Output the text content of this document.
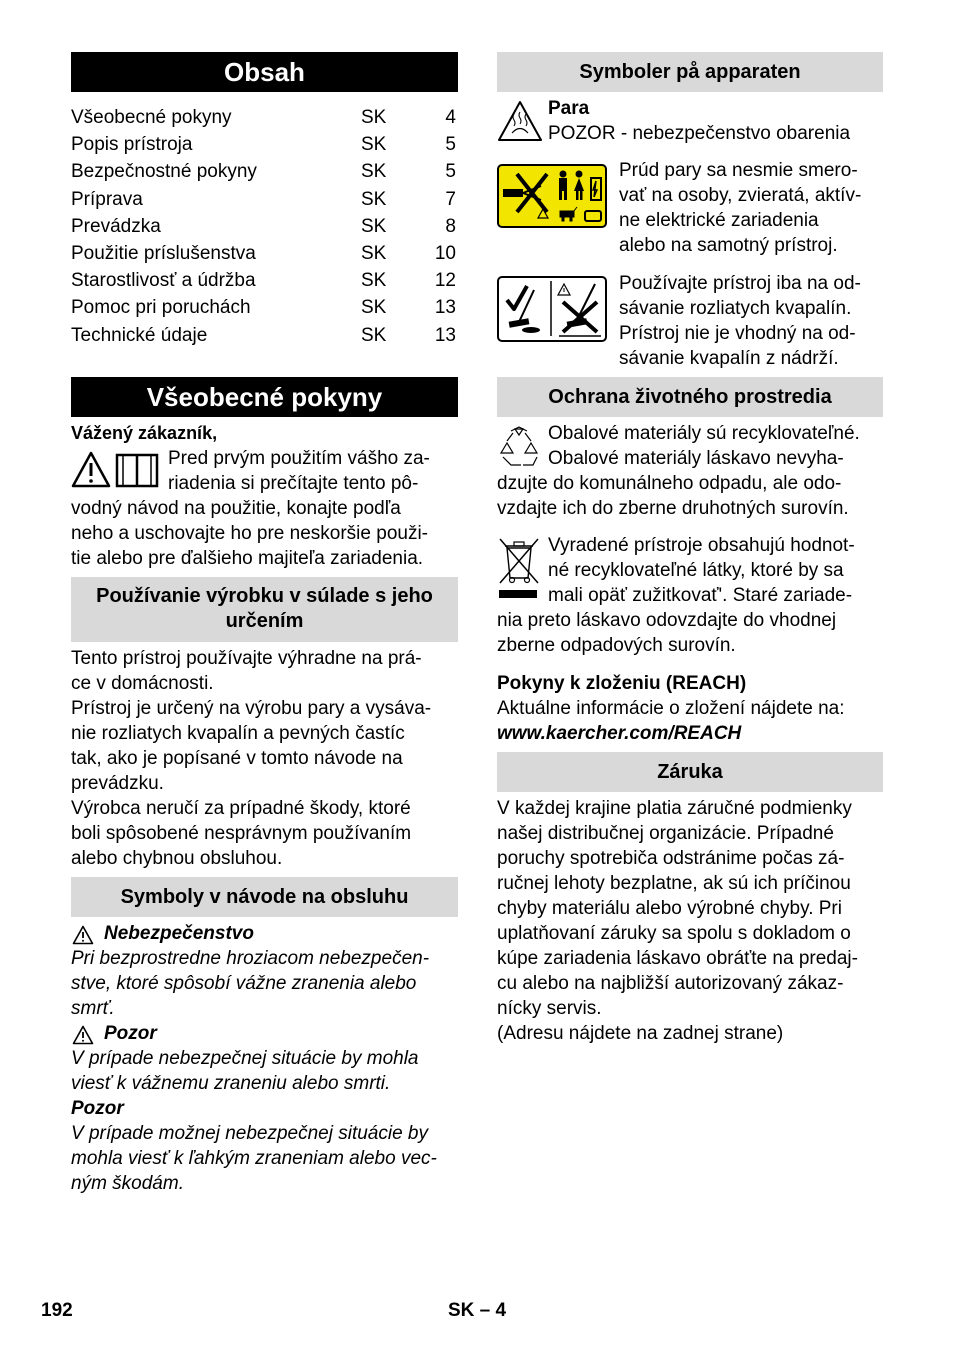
Obsah
Všeobecné pokyny	SK	4
Popis prístroja	SK	5
Bezpečnostné pokyny	SK	5
Príprava	SK	7
Prevádzka	SK	8
Použitie príslušenstva	SK	10
Starostlivosť a údržba	SK	12
Pomoc pri poruchách	SK	13
Technické údaje	SK	13
Všeobecné pokyny
Vážený zákazník,
Pred prvým použitím vášho za-
riadenia si prečítajte tento pô-
vodný návod na použitie, konajte podľa
neho a uschovajte ho pre neskoršie použi-
tie alebo pre ďalšieho majiteľa zariadenia.
Používanie výrobku v súlade s jeho
určením
Tento prístroj používajte výhradne na prá-
ce v domácnosti.
Prístroj je určený na výrobu pary a vysáva-
nie rozliatych kvapalín a pevných častíc
tak, ako je popísané v tomto návode na
prevádzku.
Výrobca neručí za prípadné škody, ktoré
boli spôsobené nesprávnym používaním
alebo chybnou obsluhou.
Symboly v návode na obsluhu
Nebezpečenstvo
Pri bezprostredne hroziacom nebezpečen-
stve, ktoré spôsobí vážne zranenia alebo
smrť.
Pozor
V prípade nebezpečnej situácie by mohla
viesť k vážnemu zraneniu alebo smrti.
Pozor
V prípade možnej nebezpečnej situácie by
mohla viesť k ľahkým zraneniam alebo vec-
ným škodám.
Symboler på apparaten
Para
POZOR - nebezpečenstvo obarenia
Prúd pary sa nesmie smero-
vať na osoby, zvieratá, aktív-
ne elektrické zariadenia
alebo na samotný prístroj.
Používajte prístroj iba na od-
sávanie rozliatych kvapalín.
Prístroj nie je vhodný na od-
sávanie kvapalín z nádrží.
Ochrana životného prostredia
Obalové materiály sú recyklovateľné.
Obalové materiály láskavo nevyha-
dzujte do komunálneho odpadu, ale odo-
vzdajte ich do zberne druhotných surovín.
Vyradené prístroje obsahujú hodnot-
né recyklovateľné látky, ktoré by sa
mali opäť zužitkovať'. Staré zariade-
nia preto láskavo odovzdajte do vhodnej
zberne odpadových surovín.
Pokyny k zloženiu (REACH)
Aktuálne informácie o zložení nájdete na:
www.kaercher.com/REACH
Záruka
V každej krajine platia záručné podmienky
našej distribučnej organizácie. Prípadné
poruchy spotrebiča odstránime počas zá-
ručnej lehoty bezplatne, ak sú ich príčinou
chyby materiálu alebo výrobné chyby. Pri
uplatňovaní záruky sa spolu s dokladom o
kúpe zariadenia láskavo obráťte na predaj-
cu alebo na najbližší autorizovaný zákaz-
nícky servis.
(Adresu nájdete na zadnej strane)
192	SK – 4
